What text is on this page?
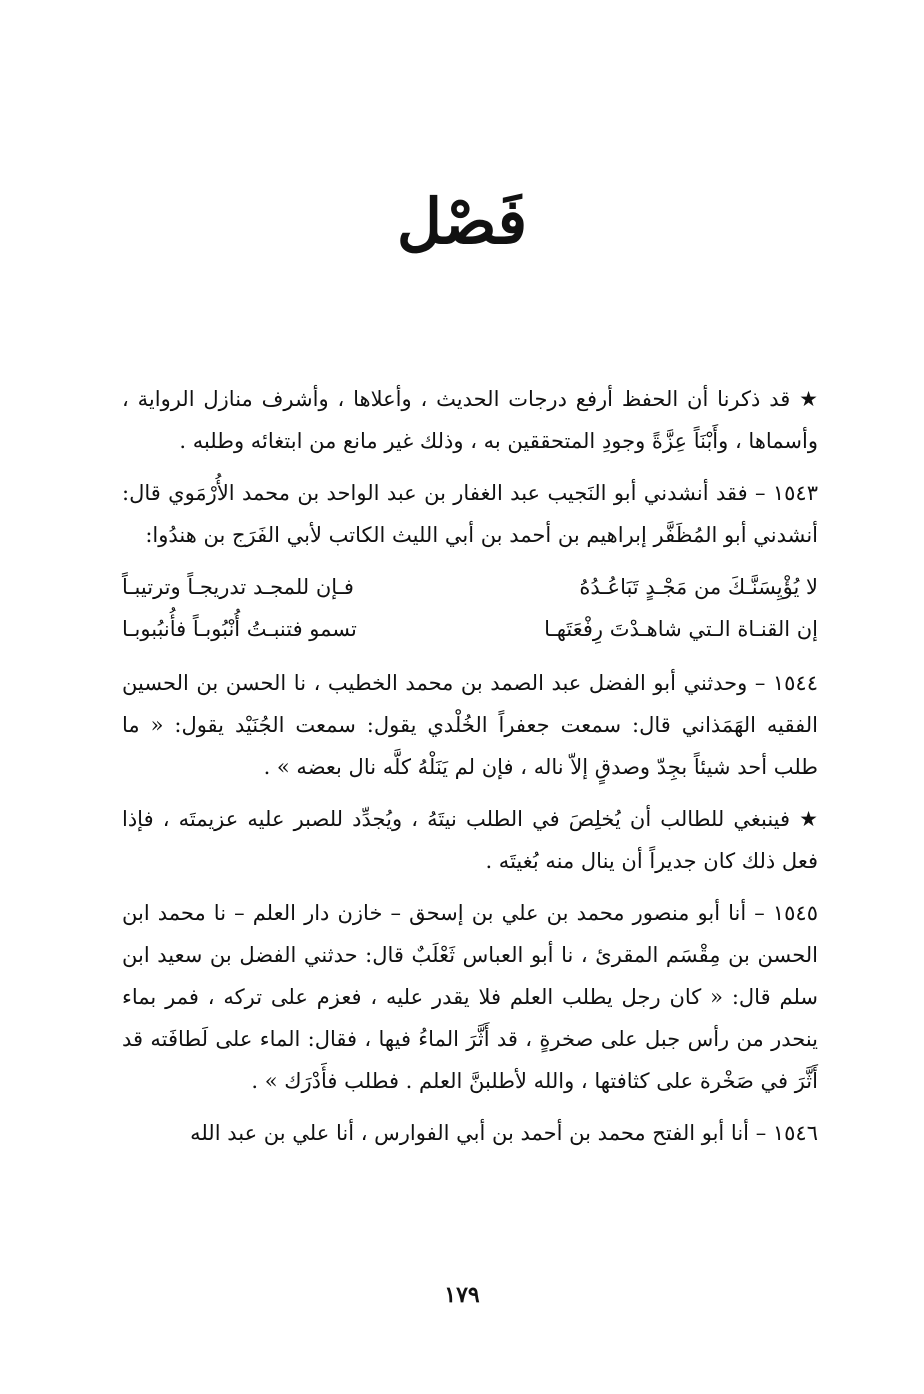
فَصْل

★ قد ذكرنا أن الحفظ أرفع درجات الحديث ، وأعلاها ، وأشرف منازل الرواية ، وأسماها ، وأَبْنَاً عِزَّةً وجودِ المتحققين به ، وذلك غير مانع من ابتغائه وطلبه .

١٥٤٣ – فقد أنشدني أبو النَجيب عبد الغفار بن عبد الواحد بن محمد الأُرْمَوي قال: أنشدني أبو المُظَفَّر إبراهيم بن أحمد بن أبي الليث الكاتب لأبي الفَرَج بن هندُوا:

لا يُؤْيِسَنَّـكَ من مَجْـدٍ تَبَاعُـدُهُ
فـإن للمجـد تدريجـاً وترتيبـاً
إن القنـاة الـتي شاهـدْتَ رِفْعَتَهـا
تسمو فتنبـتُ أُنْبُوبـاً فأُنبُبوبـا

١٥٤٤ – وحدثني أبو الفضل عبد الصمد بن محمد الخطيب ، نا الحسن بن الحسين الفقيه الهَمَذاني قال: سمعت جعفراً الخُلْدي يقول: سمعت الجُنَيْد يقول: « ما طلب أحد شيئاً بجِدّ وصدقٍ إلاّ ناله ، فإن لم يَنَلْهُ كلَّه نال بعضه » .

★ فينبغي للطالب أن يُخلِصَ في الطلب نيتَهُ ، ويُجدِّد للصبر عليه عزيمتَه ، فإذا فعل ذلك كان جديراً أن ينال منه بُغيتَه .

١٥٤٥ – أنا أبو منصور محمد بن علي بن إسحق – خازن دار العلم – نا محمد ابن الحسن بن مِقْسَم المقرئ ، نا أبو العباس ثَعْلَبٌ قال: حدثني الفضل بن سعيد ابن سلم قال: « كان رجل يطلب العلم فلا يقدر عليه ، فعزم على تركه ، فمر بماء ينحدر من رأس جبل على صخرةٍ ، قد أَثَّرَ الماءُ فيها ، فقال: الماء على لَطافَته قد أَثَّرَ في صَخْرة على كثافتها ، والله لأطلبنَّ العلم . فطلب فأَدْرَك » .

١٥٤٦ – أنا أبو الفتح محمد بن أحمد بن أبي الفوارس ، أنا علي بن عبد الله

١٧٩
